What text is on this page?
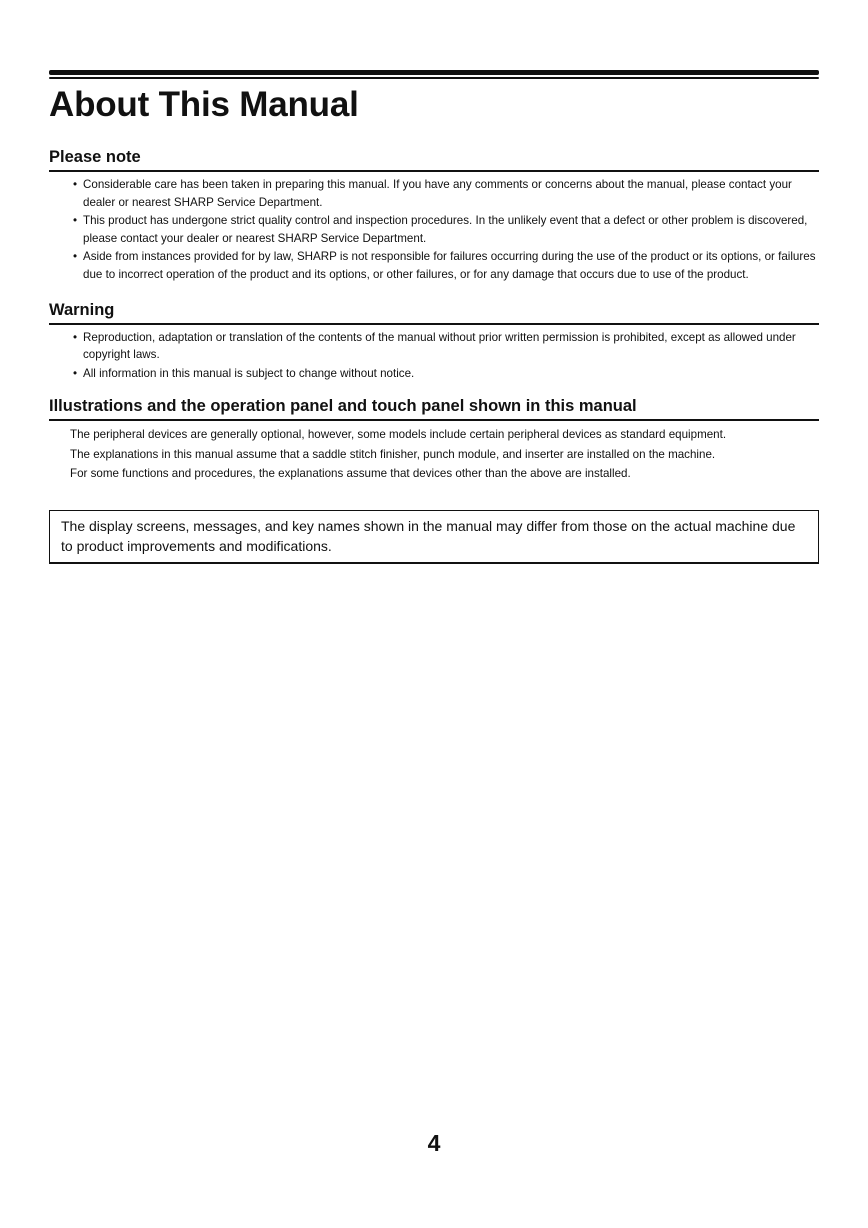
About This Manual
Please note
• Considerable care has been taken in preparing this manual. If you have any comments or concerns about the manual, please contact your dealer or nearest SHARP Service Department.
• This product has undergone strict quality control and inspection procedures. In the unlikely event that a defect or other problem is discovered, please contact your dealer or nearest SHARP Service Department.
• Aside from instances provided for by law, SHARP is not responsible for failures occurring during the use of the product or its options, or failures due to incorrect operation of the product and its options, or other failures, or for any damage that occurs due to use of the product.
Warning
• Reproduction, adaptation or translation of the contents of the manual without prior written permission is prohibited, except as allowed under copyright laws.
• All information in this manual is subject to change without notice.
Illustrations and the operation panel and touch panel shown in this manual

The peripheral devices are generally optional, however, some models include certain peripheral devices as standard equipment.

The explanations in this manual assume that a saddle stitch finisher, punch module, and inserter are installed on the machine.

For some functions and procedures, the explanations assume that devices other than the above are installed.

The display screens, messages, and key names shown in the manual may differ from those on the actual machine due to product improvements and modifications.
4
